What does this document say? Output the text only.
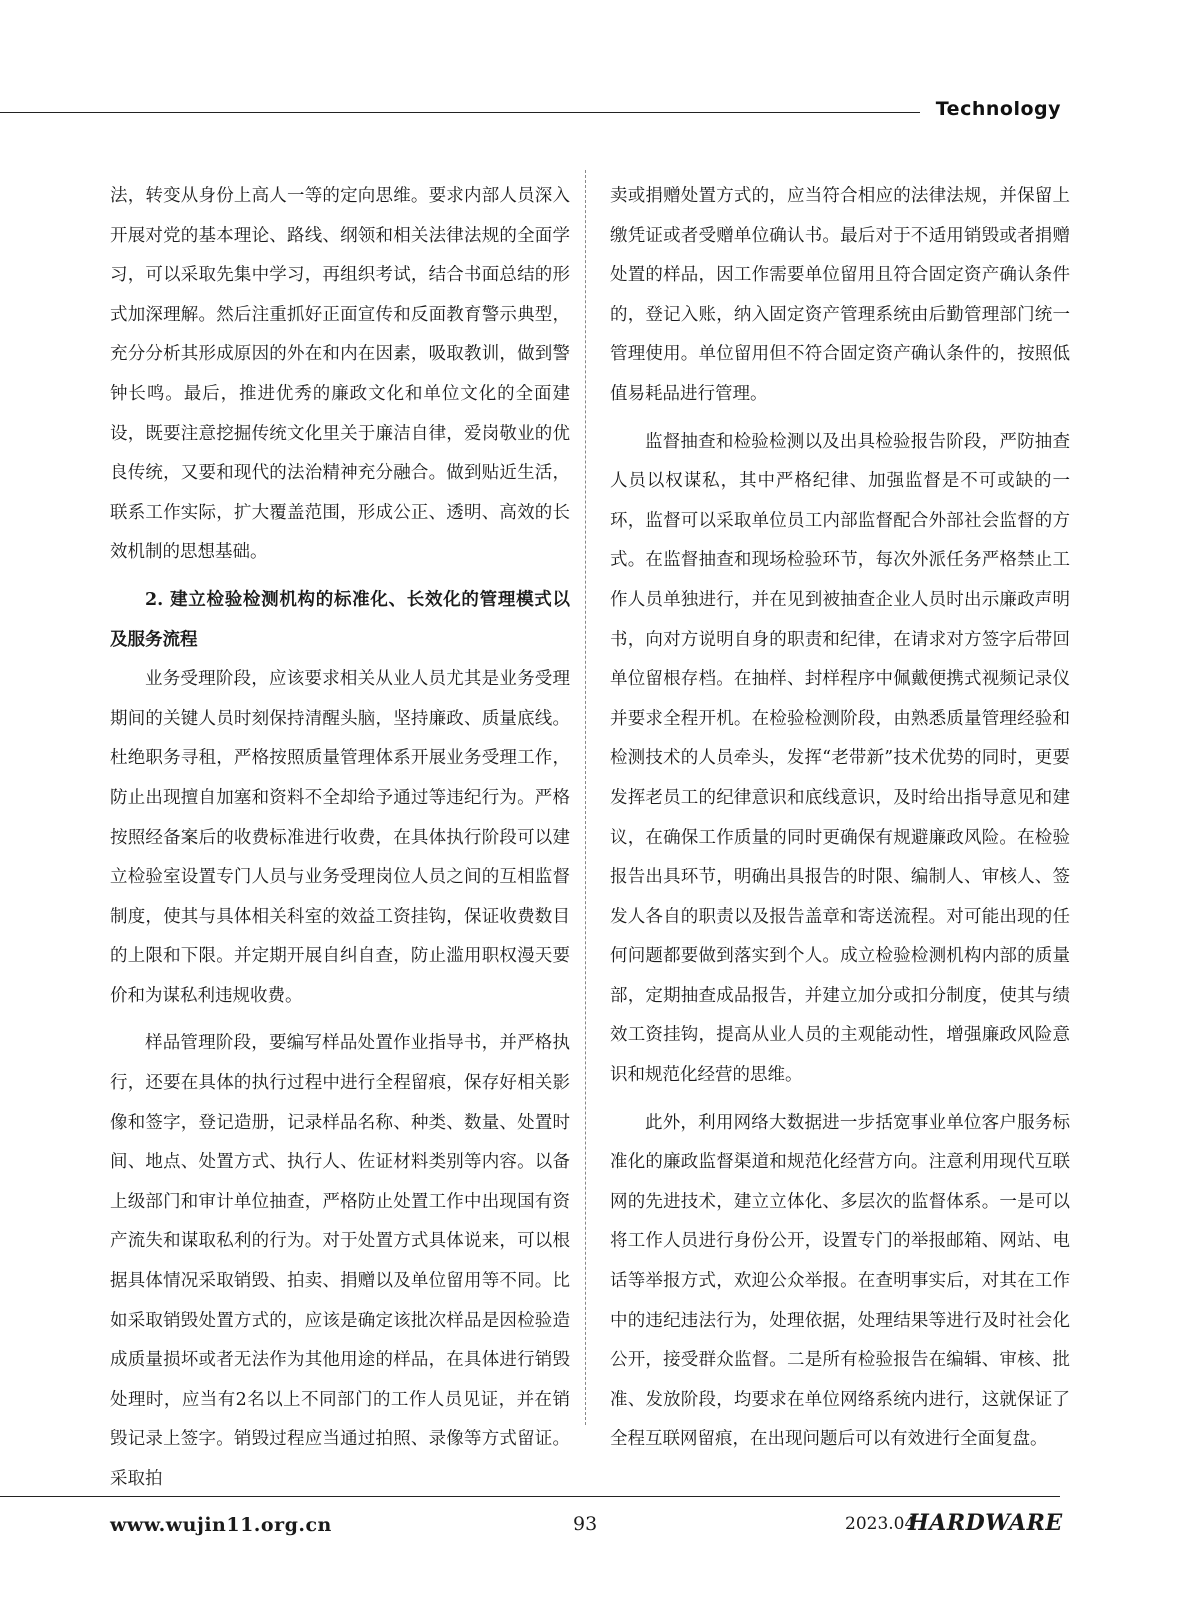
Technology

法，转变从身份上高人一等的定向思维。要求内部人员深入开展对党的基本理论、路线、纲领和相关法律法规的全面学习，可以采取先集中学习，再组织考试，结合书面总结的形式加深理解。然后注重抓好正面宣传和反面教育警示典型，充分分析其形成原因的外在和内在因素，吸取教训，做到警钟长鸣。最后，推进优秀的廉政文化和单位文化的全面建设，既要注意挖掘传统文化里关于廉洁自律，爱岗敬业的优良传统，又要和现代的法治精神充分融合。做到贴近生活，联系工作实际，扩大覆盖范围，形成公正、透明、高效的长效机制的思想基础。

2. 建立检验检测机构的标准化、长效化的管理模式以及服务流程

业务受理阶段，应该要求相关从业人员尤其是业务受理期间的关键人员时刻保持清醒头脑，坚持廉政、质量底线。杜绝职务寻租，严格按照质量管理体系开展业务受理工作，防止出现擅自加塞和资料不全却给予通过等违纪行为。严格按照经备案后的收费标准进行收费，在具体执行阶段可以建立检验室设置专门人员与业务受理岗位人员之间的互相监督制度，使其与具体相关科室的效益工资挂钩，保证收费数目的上限和下限。并定期开展自纠自查，防止滥用职权漫天要价和为谋私利违规收费。

样品管理阶段，要编写样品处置作业指导书，并严格执行，还要在具体的执行过程中进行全程留痕，保存好相关影像和签字，登记造册，记录样品名称、种类、数量、处置时间、地点、处置方式、执行人、佐证材料类别等内容。以备上级部门和审计单位抽查，严格防止处置工作中出现国有资产流失和谋取私利的行为。对于处置方式具体说来，可以根据具体情况采取销毁、拍卖、捐赠以及单位留用等不同。比如采取销毁处置方式的，应该是确定该批次样品是因检验造成质量损坏或者无法作为其他用途的样品，在具体进行销毁处理时，应当有2名以上不同部门的工作人员见证，并在销毁记录上签字。销毁过程应当通过拍照、录像等方式留证。采取拍

卖或捐赠处置方式的，应当符合相应的法律法规，并保留上缴凭证或者受赠单位确认书。最后对于不适用销毁或者捐赠处置的样品，因工作需要单位留用且符合固定资产确认条件的，登记入账，纳入固定资产管理系统由后勤管理部门统一管理使用。单位留用但不符合固定资产确认条件的，按照低值易耗品进行管理。

监督抽查和检验检测以及出具检验报告阶段，严防抽查人员以权谋私，其中严格纪律、加强监督是不可或缺的一环，监督可以采取单位员工内部监督配合外部社会监督的方式。在监督抽查和现场检验环节，每次外派任务严格禁止工作人员单独进行，并在见到被抽查企业人员时出示廉政声明书，向对方说明自身的职责和纪律，在请求对方签字后带回单位留根存档。在抽样、封样程序中佩戴便携式视频记录仪并要求全程开机。在检验检测阶段，由熟悉质量管理经验和检测技术的人员牵头，发挥“老带新”技术优势的同时，更要发挥老员工的纪律意识和底线意识，及时给出指导意见和建议，在确保工作质量的同时更确保有规避廉政风险。在检验报告出具环节，明确出具报告的时限、编制人、审核人、签发人各自的职责以及报告盖章和寄送流程。对可能出现的任何问题都要做到落实到个人。成立检验检测机构内部的质量部，定期抽查成品报告，并建立加分或扣分制度，使其与绩效工资挂钩，提高从业人员的主观能动性，增强廉政风险意识和规范化经营的思维。

此外，利用网络大数据进一步括宽事业单位客户服务标准化的廉政监督渠道和规范化经营方向。注意利用现代互联网的先进技术，建立立体化、多层次的监督体系。一是可以将工作人员进行身份公开，设置专门的举报邮箱、网站、电话等举报方式，欢迎公众举报。在查明事实后，对其在工作中的违纪违法行为，处理依据，处理结果等进行及时社会化公开，接受群众监督。二是所有检验报告在编辑、审核、批准、发放阶段，均要求在单位网络系统内进行，这就保证了全程互联网留痕，在出现问题后可以有效进行全面复盘。

www.wujin11.org.cn	93	2023.04
HARDWARE
